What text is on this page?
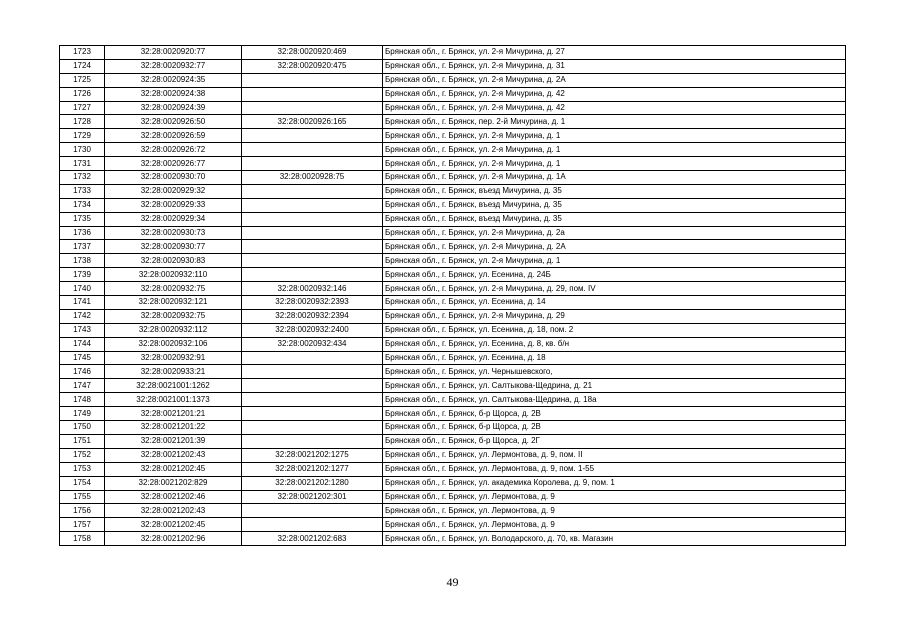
1723	32:28:0020920:77	32:28:0020920:469	Брянская обл., г. Брянск, ул. 2-я Мичурина, д. 27
1724	32:28:0020932:77	32:28:0020920:475	Брянская обл., г. Брянск, ул. 2-я Мичурина, д. 31
1725	32:28:0020924:35		Брянская обл., г. Брянск, ул. 2-я Мичурина, д. 2А
1726	32:28:0020924:38		Брянская обл., г. Брянск, ул. 2-я Мичурина, д. 42
1727	32:28:0020924:39		Брянская обл., г. Брянск, ул. 2-я Мичурина, д. 42
1728	32:28:0020926:50	32:28:0020926:165	Брянская обл., г. Брянск, пер. 2-й Мичурина, д. 1
1729	32:28:0020926:59		Брянская обл., г. Брянск, ул. 2-я Мичурина, д. 1
1730	32:28:0020926:72		Брянская обл., г. Брянск, ул. 2-я Мичурина, д. 1
1731	32:28:0020926:77		Брянская обл., г. Брянск, ул. 2-я Мичурина, д. 1
1732	32:28:0020930:70	32:28:0020928:75	Брянская обл., г. Брянск, ул. 2-я Мичурина, д. 1А
1733	32:28:0020929:32		Брянская обл., г. Брянск, въезд Мичурина, д. 35
1734	32:28:0020929:33		Брянская обл., г. Брянск, въезд Мичурина, д. 35
1735	32:28:0020929:34		Брянская обл., г. Брянск, въезд Мичурина, д. 35
1736	32:28:0020930:73		Брянская обл., г. Брянск, ул. 2-я Мичурина, д. 2а
1737	32:28:0020930:77		Брянская обл., г. Брянск, ул. 2-я Мичурина, д. 2А
1738	32:28:0020930:83		Брянская обл., г. Брянск, ул. 2-я Мичурина, д. 1
1739	32:28:0020932:110		Брянская обл., г. Брянск, ул. Есенина, д. 24Б
1740	32:28:0020932:75	32:28:0020932:146	Брянская обл., г. Брянск, ул. 2-я Мичурина, д. 29, пом. IV
1741	32:28:0020932:121	32:28:0020932:2393	Брянская обл., г. Брянск, ул. Есенина, д. 14
1742	32:28:0020932:75	32:28:0020932:2394	Брянская обл., г. Брянск, ул. 2-я Мичурина, д. 29
1743	32:28:0020932:112	32:28:0020932:2400	Брянская обл., г. Брянск, ул. Есенина, д. 18, пом. 2
1744	32:28:0020932:106	32:28:0020932:434	Брянская обл., г. Брянск, ул. Есенина, д. 8, кв. б/н
1745	32:28:0020932:91		Брянская обл., г. Брянск, ул. Есенина, д. 18
1746	32:28:0020933:21		Брянская обл., г. Брянск, ул. Чернышевского,
1747	32:28:0021001:1262		Брянская обл., г. Брянск, ул. Салтыкова-Щедрина, д. 21
1748	32:28:0021001:1373		Брянская обл., г. Брянск, ул. Салтыкова-Щедрина, д. 18а
1749	32:28:0021201:21		Брянская обл., г. Брянск, б-р Щорса, д. 2В
1750	32:28:0021201:22		Брянская обл., г. Брянск, б-р Щорса, д. 2В
1751	32:28:0021201:39		Брянская обл., г. Брянск, б-р Щорса, д. 2Г
1752	32:28:0021202:43	32:28:0021202:1275	Брянская обл., г. Брянск, ул. Лермонтова, д. 9, пом. II
1753	32:28:0021202:45	32:28:0021202:1277	Брянская обл., г. Брянск, ул. Лермонтова, д. 9, пом. 1-55
1754	32:28:0021202:829	32:28:0021202:1280	Брянская обл., г. Брянск, ул. академика Королева, д. 9, пом. 1
1755	32:28:0021202:46	32:28:0021202:301	Брянская обл., г. Брянск, ул. Лермонтова, д. 9
1756	32:28:0021202:43		Брянская обл., г. Брянск, ул. Лермонтова, д. 9
1757	32:28:0021202:45		Брянская обл., г. Брянск, ул. Лермонтова, д. 9
1758	32:28:0021202:96	32:28:0021202:683	Брянская обл., г. Брянск, ул. Володарского, д. 70, кв. Магазин
49
